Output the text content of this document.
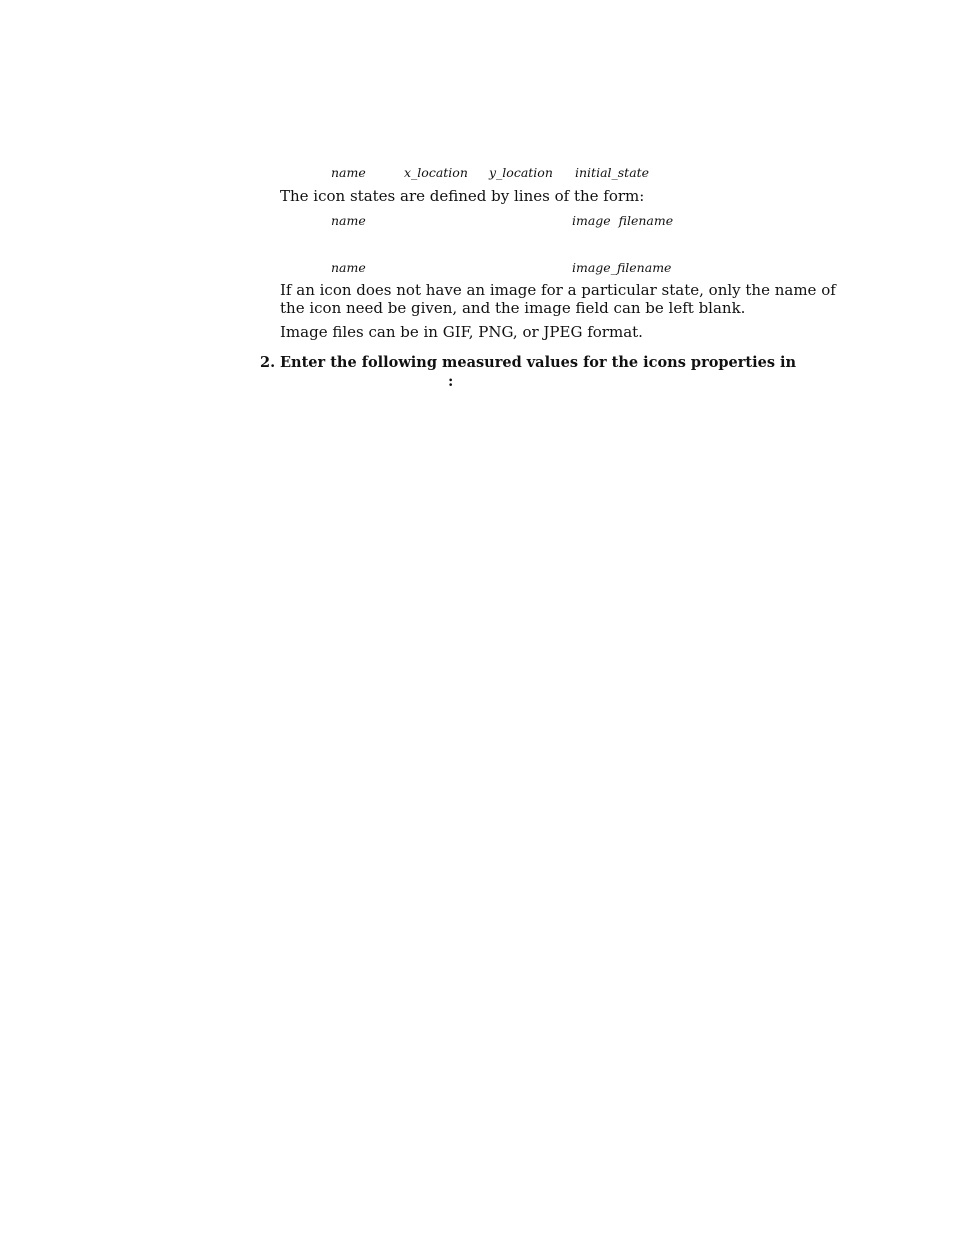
name	x_location y_location initial_state

The icon states are defined by lines of the form:

name	image  filename
name	image_filename

If an icon does not have an image for a particular state, only the name of the icon need be given, and the image field can be left blank.

Image files can be in GIF, PNG, or JPEG format.

2. Enter the following measured values for the icons properties in
:
